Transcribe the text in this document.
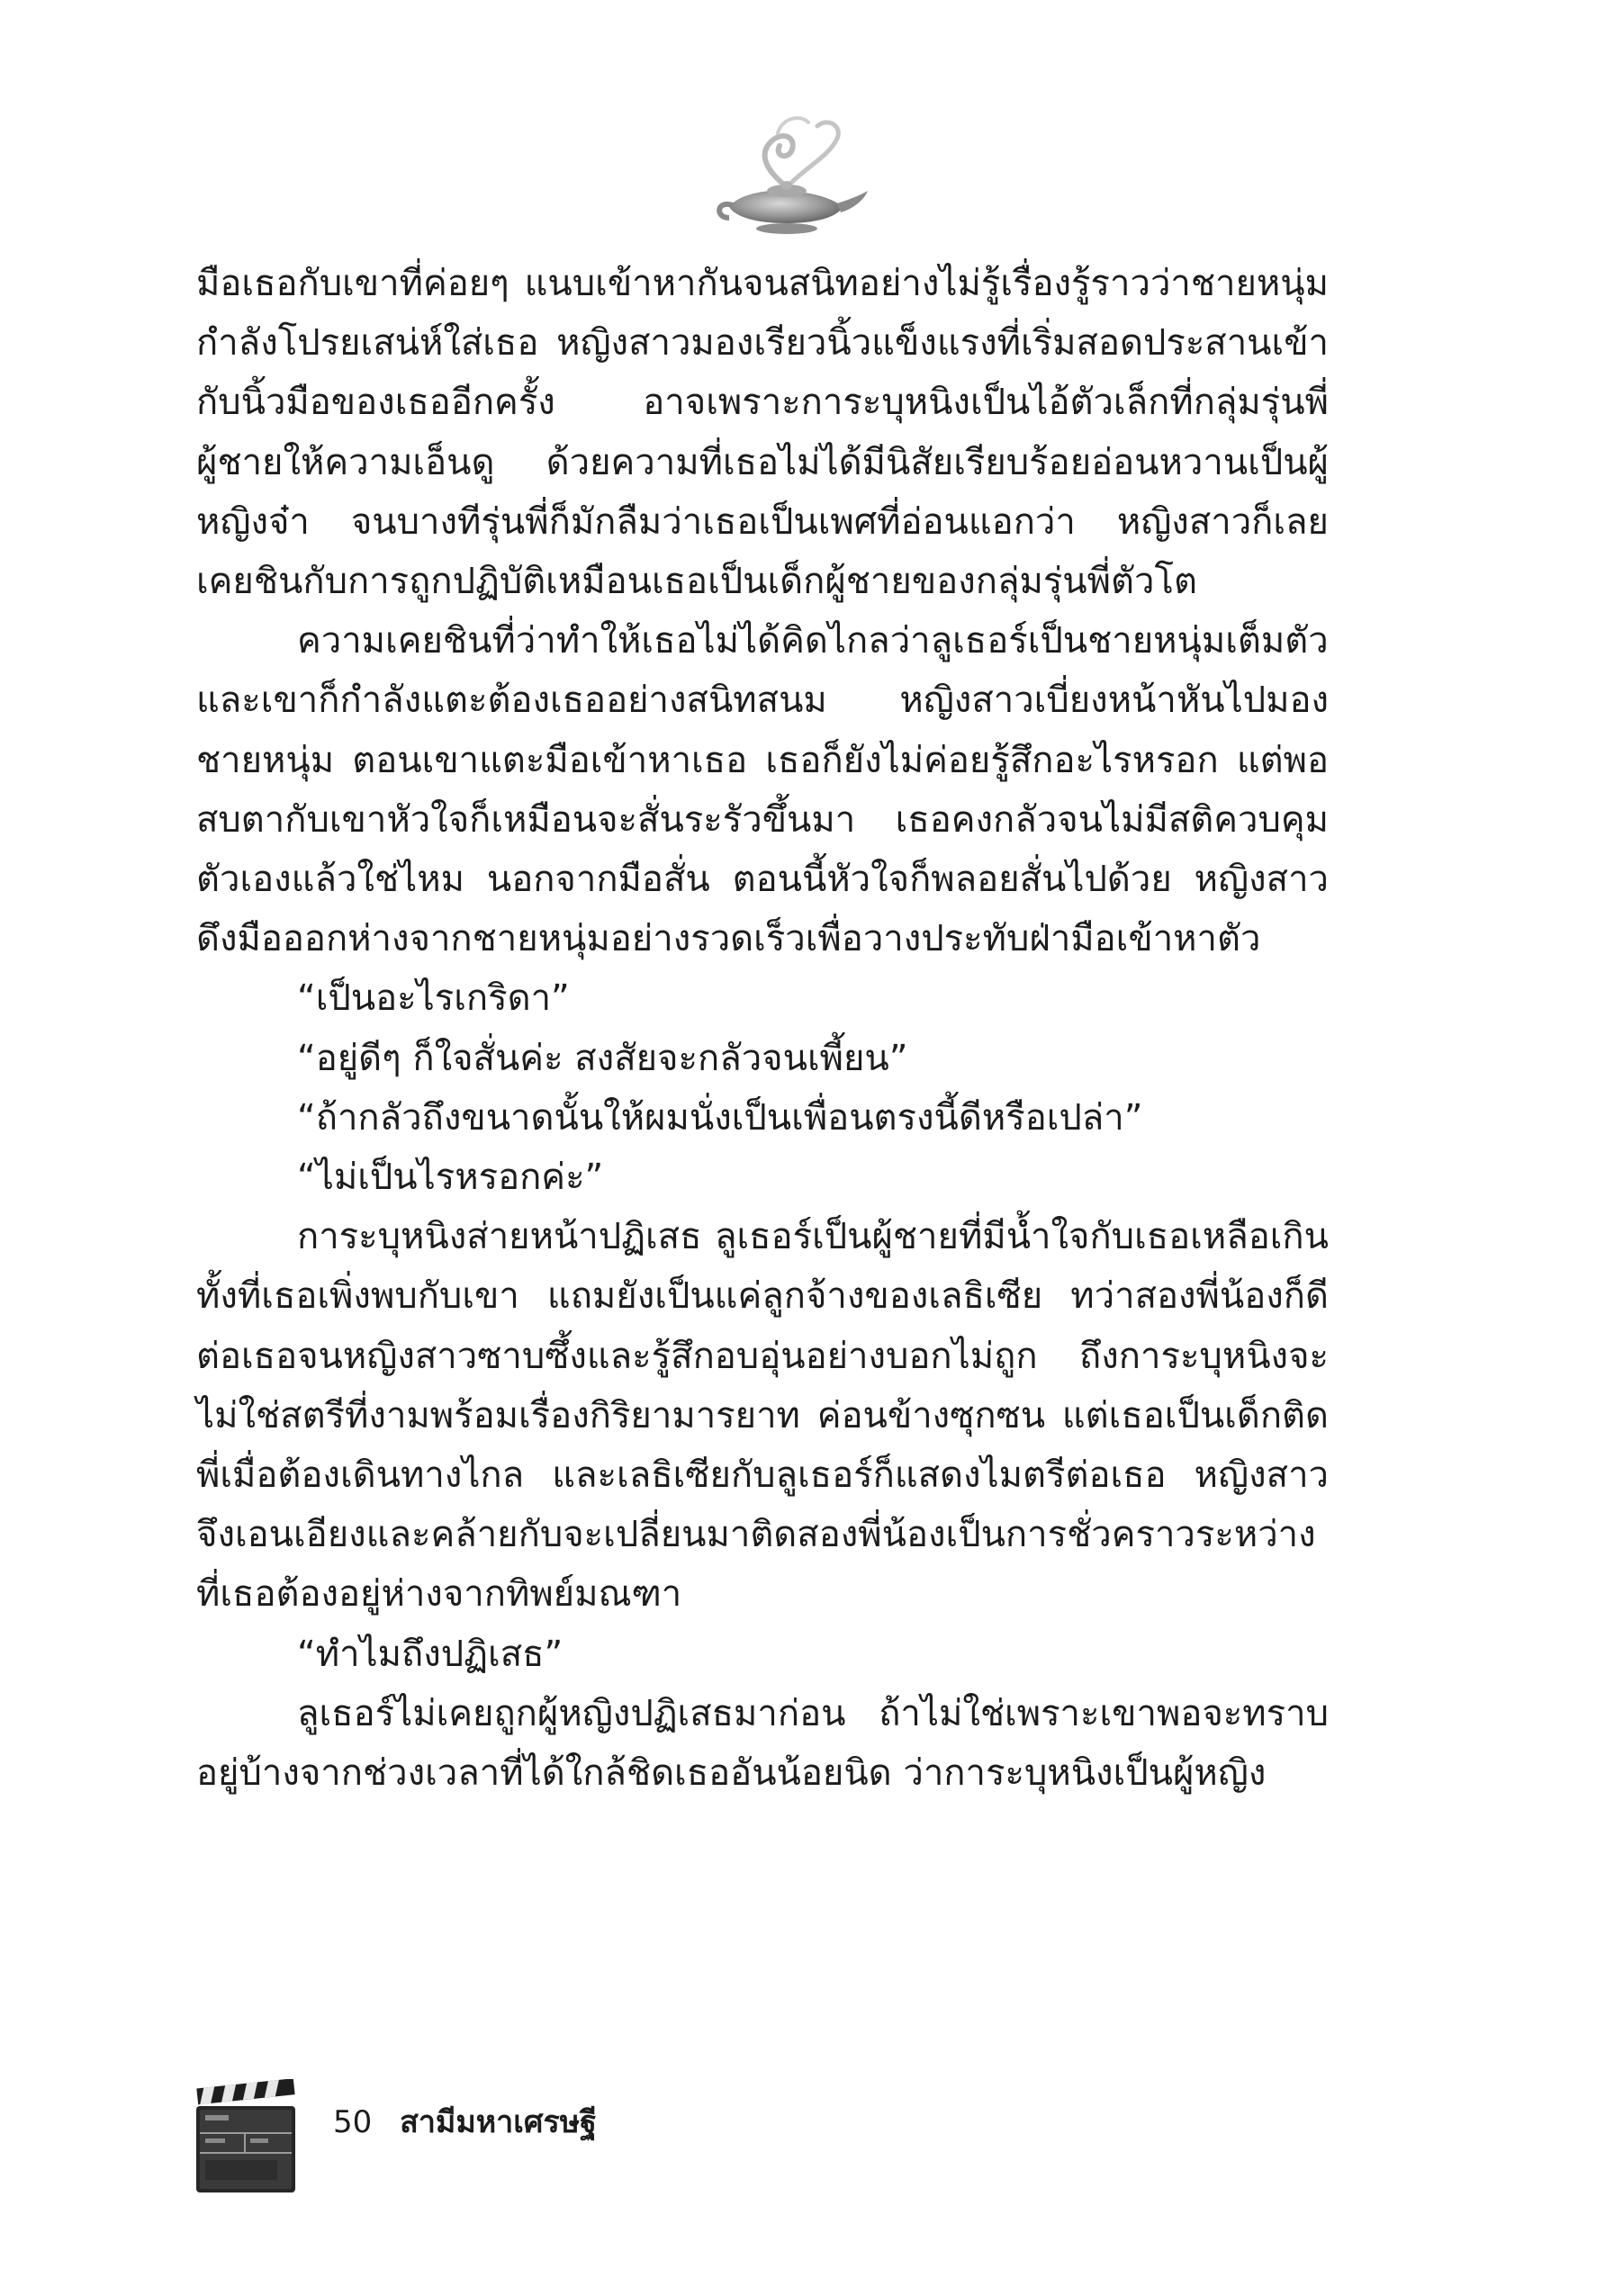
มือเธอกับเขาที่ค่อยๆ แนบเข้าหากันจนสนิทอย่างไม่รู้เรื่องรู้ราวว่าชายหนุ่มกำลังโปรยเสน่ห์ใส่เธอ หญิงสาวมองเรียวนิ้วแข็งแรงที่เริ่มสอดประสานเข้ากับนิ้วมือของเธออีกครั้ง อาจเพราะการะบุหนิงเป็นไอ้ตัวเล็กที่กลุ่มรุ่นพี่ผู้ชายให้ความเอ็นดู ด้วยความที่เธอไม่ได้มีนิสัยเรียบร้อยอ่อนหวานเป็นผู้หญิงจ๋า จนบางทีรุ่นพี่ก็มักลืมว่าเธอเป็นเพศที่อ่อนแอกว่า หญิงสาวก็เลยเคยชินกับการถูกปฏิบัติเหมือนเธอเป็นเด็กผู้ชายของกลุ่มรุ่นพี่ตัวโต

ความเคยชินที่ว่าทำให้เธอไม่ได้คิดไกลว่าลูเธอร์เป็นชายหนุ่มเต็มตัวและเขาก็กำลังแตะต้องเธออย่างสนิทสนม หญิงสาวเบี่ยงหน้าหันไปมองชายหนุ่ม ตอนเขาแตะมือเข้าหาเธอ เธอก็ยังไม่ค่อยรู้สึกอะไรหรอก แต่พอสบตากับเขาหัวใจก็เหมือนจะสั่นระรัวขึ้นมา เธอคงกลัวจนไม่มีสติควบคุมตัวเองแล้วใช่ไหม นอกจากมือสั่น ตอนนี้หัวใจก็พลอยสั่นไปด้วย หญิงสาวดึงมือออกห่างจากชายหนุ่มอย่างรวดเร็วเพื่อวางประทับฝ่ามือเข้าหาตัว

“เป็นอะไรเกริดา”

“อยู่ดีๆ ก็ใจสั่นค่ะ สงสัยจะกลัวจนเพี้ยน”

“ถ้ากลัวถึงขนาดนั้นให้ผมนั่งเป็นเพื่อนตรงนี้ดีหรือเปล่า”

“ไม่เป็นไรหรอกค่ะ”

การะบุหนิงส่ายหน้าปฏิเสธ ลูเธอร์เป็นผู้ชายที่มีน้ำใจกับเธอเหลือเกินทั้งที่เธอเพิ่งพบกับเขา แถมยังเป็นแค่ลูกจ้างของเลธิเซีย ทว่าสองพี่น้องก็ดีต่อเธอจนหญิงสาวซาบซึ้งและรู้สึกอบอุ่นอย่างบอกไม่ถูก ถึงการะบุหนิงจะไม่ใช่สตรีที่งามพร้อมเรื่องกิริยามารยาท ค่อนข้างซุกซน แต่เธอเป็นเด็กติดพี่เมื่อต้องเดินทางไกล และเลธิเซียกับลูเธอร์ก็แสดงไมตรีต่อเธอ หญิงสาวจึงเอนเอียงและคล้ายกับจะเปลี่ยนมาติดสองพี่น้องเป็นการชั่วคราวระหว่างที่เธอต้องอยู่ห่างจากทิพย์มณฑา

“ทำไมถึงปฏิเสธ”

ลูเธอร์ไม่เคยถูกผู้หญิงปฏิเสธมาก่อน ถ้าไม่ใช่เพราะเขาพอจะทราบอยู่บ้างจากช่วงเวลาที่ได้ใกล้ชิดเธออันน้อยนิด ว่าการะบุหนิงเป็นผู้หญิง

50 สามีมหาเศรษฐี
